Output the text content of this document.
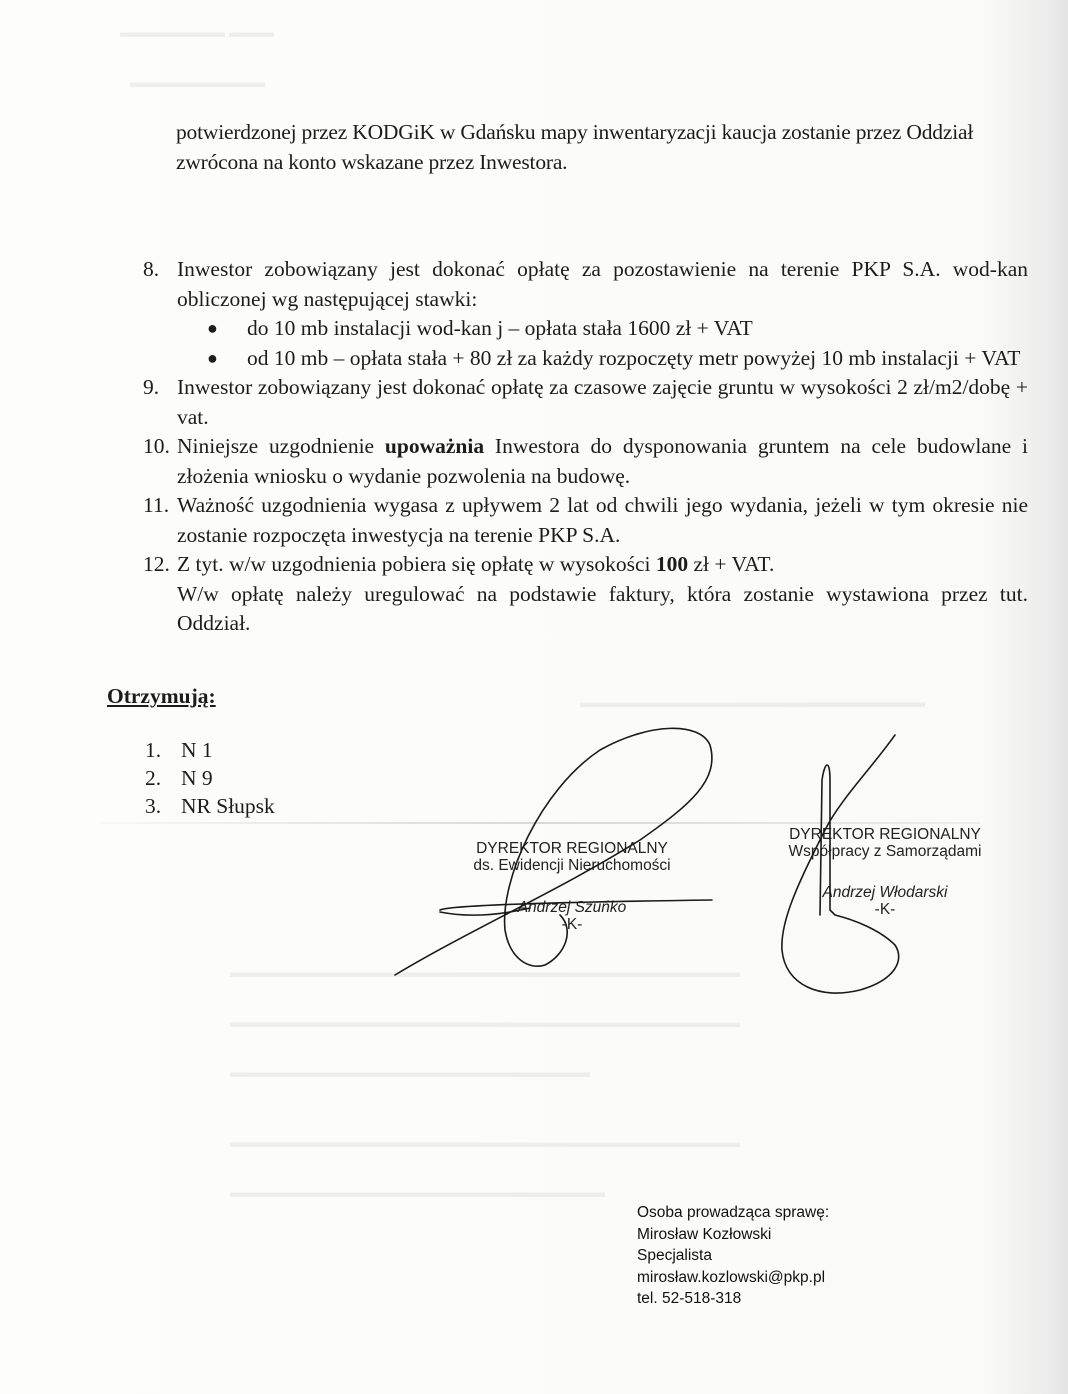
potwierdzonej przez KODGiK w Gdańsku mapy inwentaryzacji kaucja zostanie przez Oddział zwrócona na konto wskazane przez Inwestora.
8. Inwestor zobowiązany jest dokonać opłatę za pozostawienie na terenie PKP S.A. wod-kan obliczonej wg następującej stawki:
●	do 10 mb instalacji wod-kan j – opłata stała 1600 zł + VAT
●	od 10 mb – opłata stała + 80 zł za każdy rozpoczęty metr powyżej 10 mb instalacji + VAT
9. Inwestor zobowiązany jest dokonać opłatę za czasowe zajęcie gruntu w wysokości 2 zł/m2/dobę + vat.
10. Niniejsze uzgodnienie upoważnia Inwestora do dysponowania gruntem na cele budowlane i złożenia wniosku o wydanie pozwolenia na budowę.
11. Ważność uzgodnienia wygasa z upływem 2 lat od chwili jego wydania, jeżeli w tym okresie nie zostanie rozpoczęta inwestycja na terenie PKP S.A.
12. Z tyt. w/w uzgodnienia pobiera się opłatę w wysokości 100 zł + VAT.
W/w opłatę należy uregulować na podstawie faktury, która zostanie wystawiona przez tut. Oddział.
Otrzymują:
1. N 1
2. N 9
3. NR Słupsk
DYREKTOR REGIONALNY
ds. Ewidencji Nieruchomości
Andrzej Szuńko
-K-
DYREKTOR REGIONALNY
Współpracy z Samorządami
Andrzej Włodarski
-K-
Osoba prowadząca sprawę:
Mirosław Kozłowski
Specjalista
mirosław.kozlowski@pkp.pl
tel. 52-518-318
